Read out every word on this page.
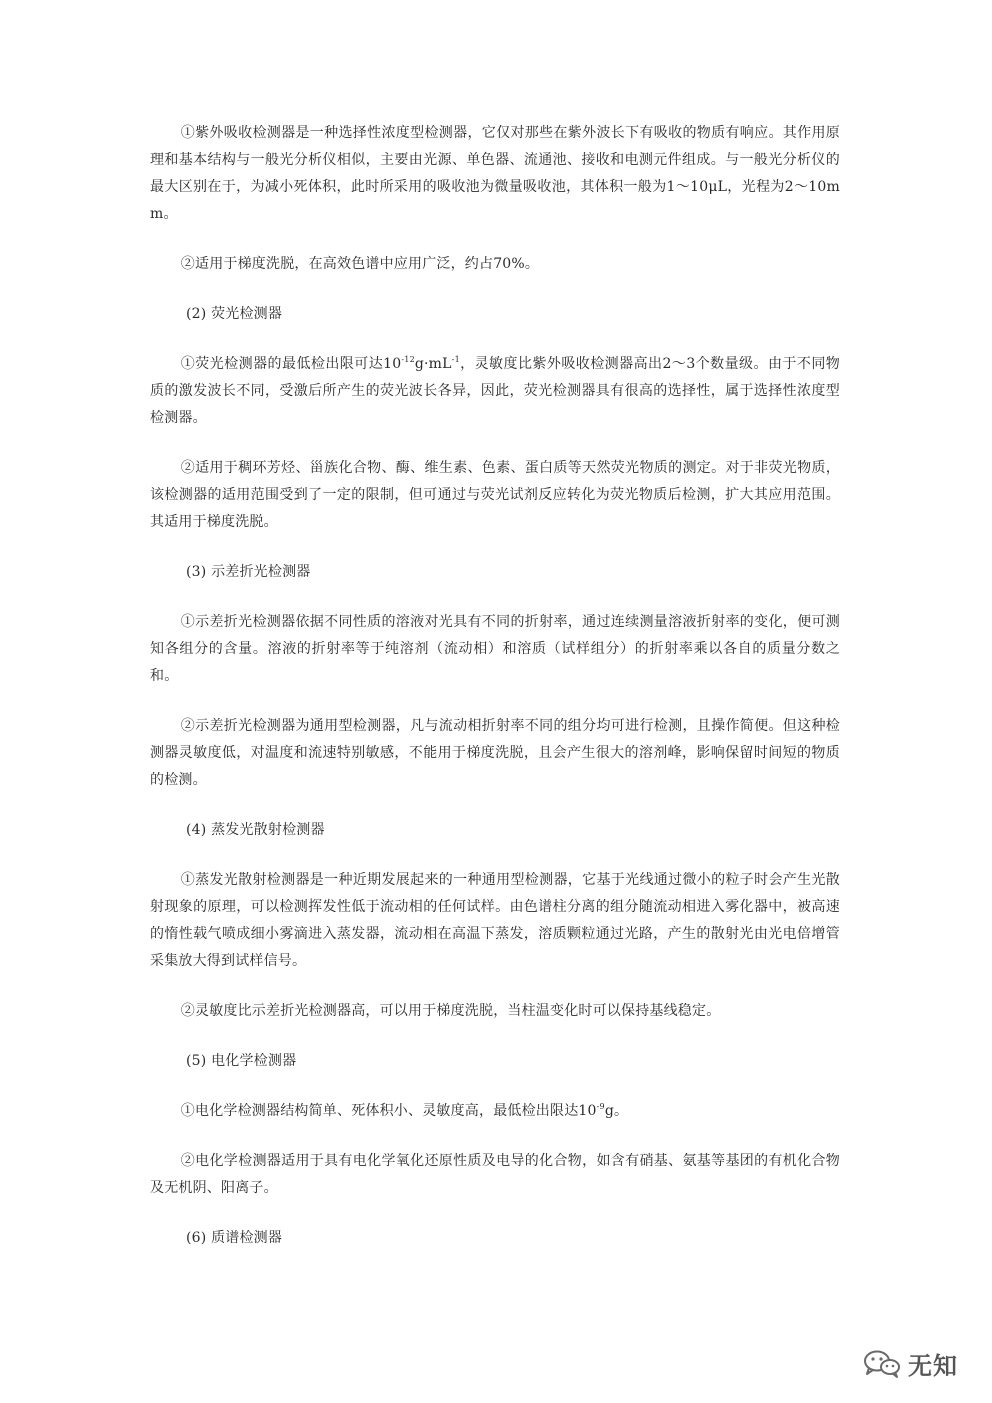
①紫外吸收检测器是一种选择性浓度型检测器，它仅对那些在紫外波长下有吸收的物质有响应。其作用原理和基本结构与一般光分析仪相似，主要由光源、单色器、流通池、接收和电测元件组成。与一般光分析仪的最大区别在于，为减小死体积，此时所采用的吸收池为微量吸收池，其体积一般为1～10μL，光程为2～10mm。

②适用于梯度洗脱，在高效色谱中应用广泛，约占70%。

(2) 荧光检测器

①荧光检测器的最低检出限可达$10^{-12}g\cdot mL^{-1}$，灵敏度比紫外吸收检测器高出2～3个数量级。由于不同物质的激发波长不同，受激后所产生的荧光波长各异，因此，荧光检测器具有很高的选择性，属于选择性浓度型检测器。

②适用于稠环芳烃、甾族化合物、酶、维生素、色素、蛋白质等天然荧光物质的测定。对于非荧光物质，该检测器的适用范围受到了一定的限制，但可通过与荧光试剂反应转化为荧光物质后检测，扩大其应用范围。其适用于梯度洗脱。

(3) 示差折光检测器

①示差折光检测器依据不同性质的溶液对光具有不同的折射率，通过连续测量溶液折射率的变化，便可测知各组分的含量。溶液的折射率等于纯溶剂（流动相）和溶质（试样组分）的折射率乘以各自的质量分数之和。

②示差折光检测器为通用型检测器，凡与流动相折射率不同的组分均可进行检测，且操作简便。但这种检测器灵敏度低，对温度和流速特别敏感，不能用于梯度洗脱，且会产生很大的溶剂峰，影响保留时间短的物质的检测。

(4) 蒸发光散射检测器

①蒸发光散射检测器是一种近期发展起来的一种通用型检测器，它基于光线通过微小的粒子时会产生光散射现象的原理，可以检测挥发性低于流动相的任何试样。由色谱柱分离的组分随流动相进入雾化器中，被高速的惰性载气喷成细小雾滴进入蒸发器，流动相在高温下蒸发，溶质颗粒通过光路，产生的散射光由光电倍增管采集放大得到试样信号。

②灵敏度比示差折光检测器高，可以用于梯度洗脱，当柱温变化时可以保持基线稳定。

(5) 电化学检测器

①电化学检测器结构简单、死体积小、灵敏度高，最低检出限达$10^{-9}g$。

②电化学检测器适用于具有电化学氧化还原性质及电导的化合物，如含有硝基、氨基等基团的有机化合物及无机阴、阳离子。

(6) 质谱检测器

无知
